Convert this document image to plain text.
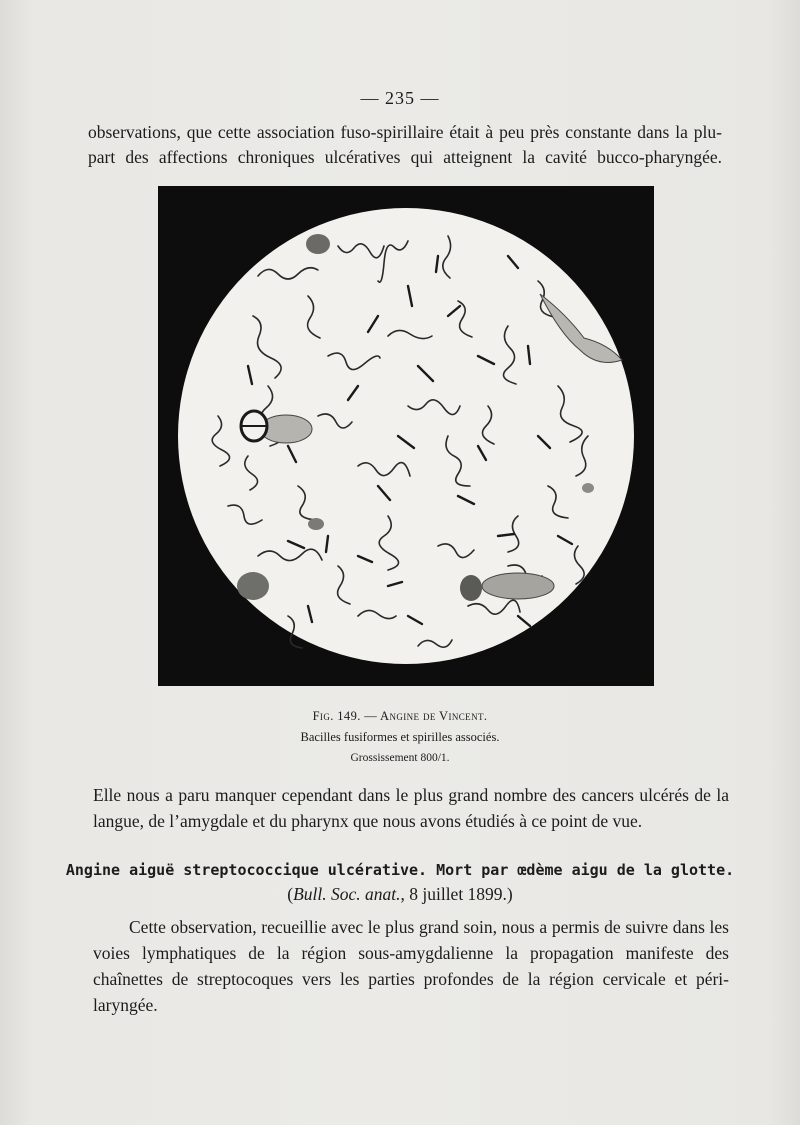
— 235 —

observations, que cette association fuso-spirillaire était à peu près constante dans la plu-

part des affections chroniques ulcératives qui atteignent la cavité bucco-pharyngée.

Fig. 149. — Angine de Vincent.
Bacilles fusiformes et spirilles associés.
Grossissement 800/1.
Elle nous a paru manquer cependant dans le plus grand nombre des cancers ulcérés de la langue, de l’amygdale et du pharynx que nous avons étudiés à ce point de vue.
Angine aiguë streptococcique ulcérative. Mort par œdème aigu de la glotte.
(Bull. Soc. anat., 8 juillet 1899.)
Cette observation, recueillie avec le plus grand soin, nous a permis de suivre dans les voies lymphatiques de la région sous-amygdalienne la propagation manifeste des chaînettes de streptocoques vers les parties profondes de la région cervicale et péri-laryngée.
